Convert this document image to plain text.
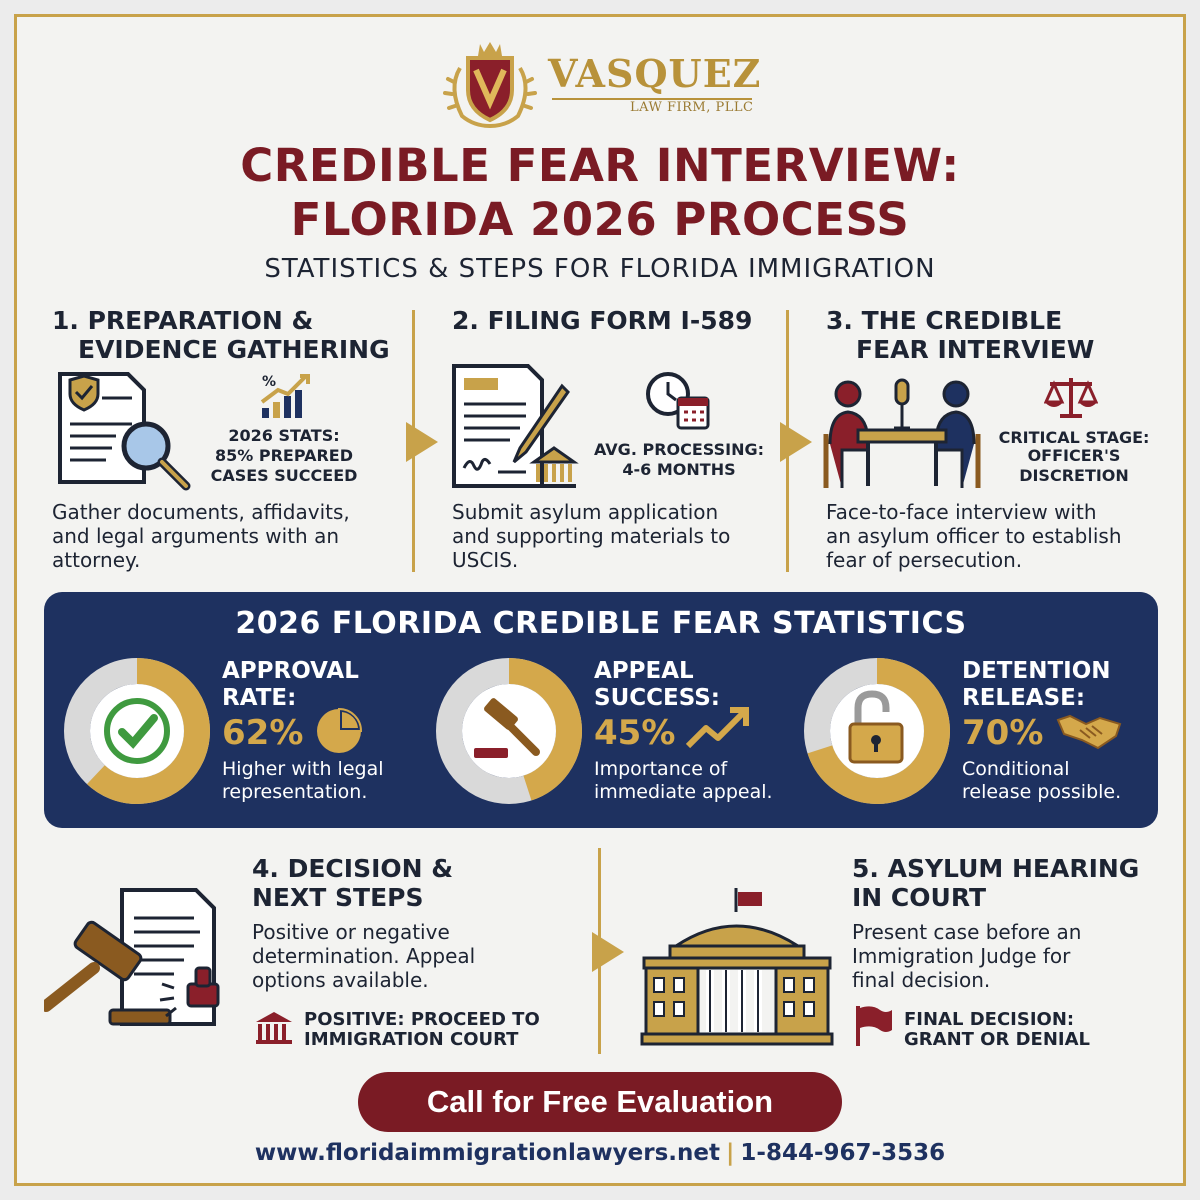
VASQUEZ
LAW FIRM, PLLC
CREDIBLE FEAR INTERVIEW:
FLORIDA 2026 PROCESS
STATISTICS & STEPS FOR FLORIDA IMMIGRATION
1. PREPARATION &
EVIDENCE GATHERING
%
2026 STATS:
85% PREPARED
CASES SUCCEED
Gather documents, affidavits,
and legal arguments with an
attorney.
2. FILING FORM I-589
AVG. PROCESSING:
4-6 MONTHS
Submit asylum application
and supporting materials to
USCIS.
3. THE CREDIBLE
FEAR INTERVIEW
CRITICAL STAGE:
OFFICER'S
DISCRETION
Face-to-face interview with
an asylum officer to establish
fear of persecution.
2026 FLORIDA CREDIBLE FEAR STATISTICS
APPROVAL
RATE:
62%
Higher with legal
representation.
APPEAL
SUCCESS:
45%
Importance of
immediate appeal.
DETENTION
RELEASE:
70%
Conditional
release possible.
4. DECISION &
NEXT STEPS
Positive or negative
determination. Appeal
options available.
POSITIVE: PROCEED TO
IMMIGRATION COURT
5. ASYLUM HEARING
IN COURT
Present case before an
Immigration Judge for
final decision.
FINAL DECISION:
GRANT OR DENIAL
Call for Free Evaluation
www.floridaimmigrationlawyers.net | 1-844-967-3536
